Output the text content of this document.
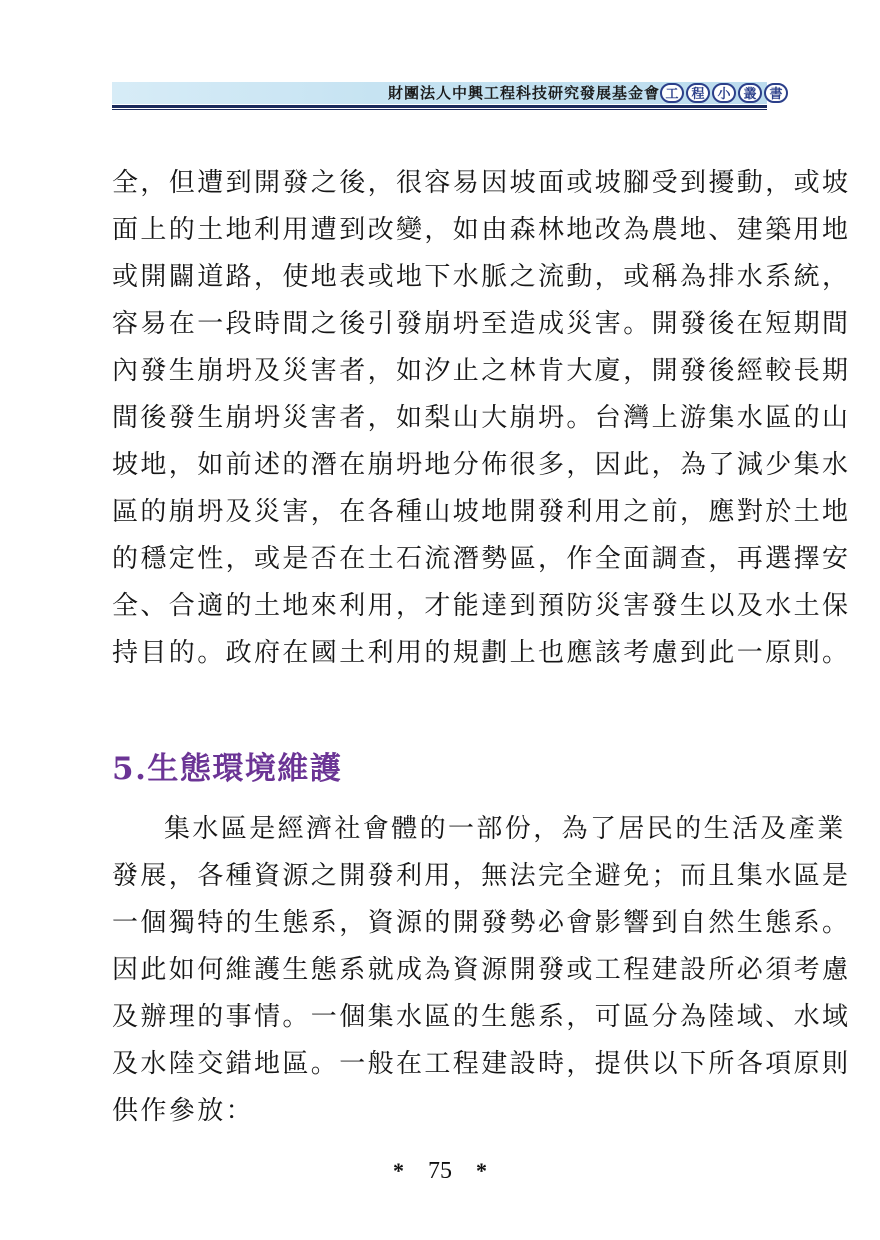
財團法人中興工程科技研究發展基金會 工 程 小 叢 書
全，但遭到開發之後，很容易因坡面或坡腳受到擾動，或坡
面上的土地利用遭到改變，如由森林地改為農地、建築用地
或開闢道路，使地表或地下水脈之流動，或稱為排水系統，
容易在一段時間之後引發崩坍至造成災害。開發後在短期間
內發生崩坍及災害者，如汐止之林肯大廈，開發後經較長期
間後發生崩坍災害者，如梨山大崩坍。台灣上游集水區的山
坡地，如前述的潛在崩坍地分佈很多，因此，為了減少集水
區的崩坍及災害，在各種山坡地開發利用之前，應對於土地
的穩定性，或是否在土石流潛勢區，作全面調查，再選擇安
全、合適的土地來利用，才能達到預防災害發生以及水土保
持目的。政府在國土利用的規劃上也應該考慮到此一原則。
5.生態環境維護
集水區是經濟社會體的一部份，為了居民的生活及產業
發展，各種資源之開發利用，無法完全避免；而且集水區是
一個獨特的生態系，資源的開發勢必會影響到自然生態系。
因此如何維護生態系就成為資源開發或工程建設所必須考慮
及辦理的事情。一個集水區的生態系，可區分為陸域、水域
及水陸交錯地區。一般在工程建設時，提供以下所各項原則
供作參放：
* 75 *
